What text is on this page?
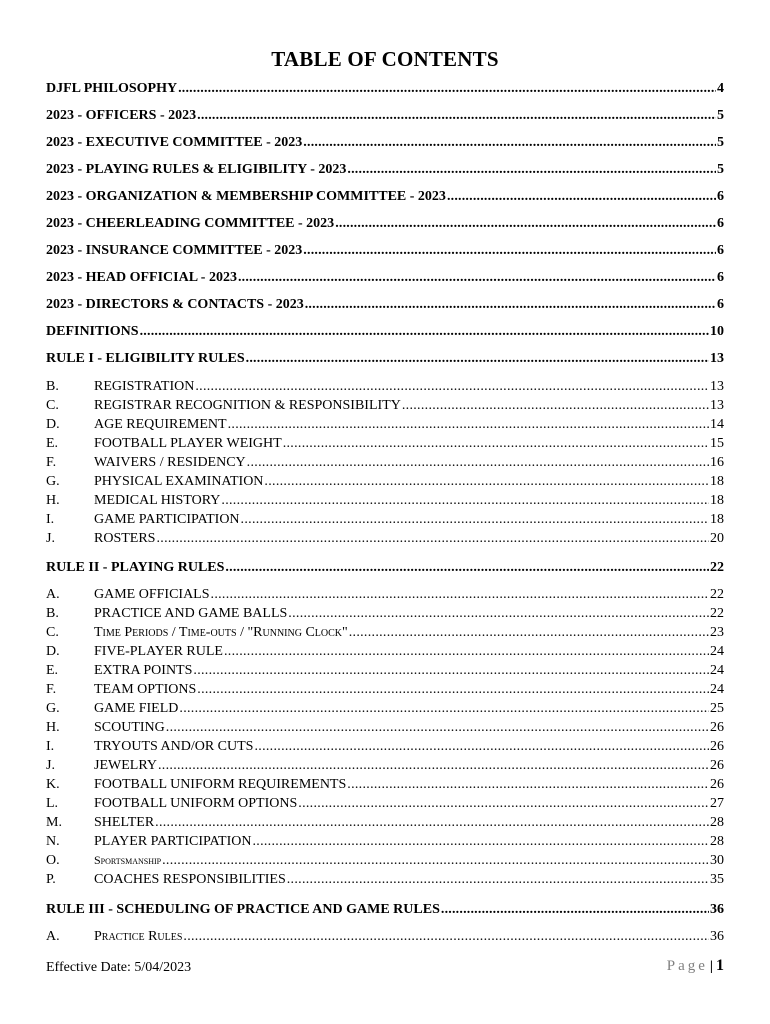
TABLE OF CONTENTS
DJFL PHILOSOPHY .....	4
2023 - OFFICERS - 2023 .....	5
2023 - EXECUTIVE COMMITTEE - 2023 .....	5
2023 - PLAYING RULES & ELIGIBILITY - 2023 .....	5
2023 - ORGANIZATION & MEMBERSHIP COMMITTEE - 2023 .....	6
2023 - CHEERLEADING COMMITTEE - 2023 .....	6
2023 - INSURANCE COMMITTEE - 2023 .....	6
2023 - HEAD OFFICIAL - 2023 .....	6
2023 - DIRECTORS & CONTACTS - 2023 .....	6
DEFINITIONS .....	10
RULE I - ELIGIBILITY RULES .....	13
B.	REGISTRATION .....	13
C.	REGISTRAR RECOGNITION & RESPONSIBILITY .....	13
D.	AGE REQUIREMENT .....	14
E.	FOOTBALL PLAYER WEIGHT .....	15
F.	WAIVERS / RESIDENCY .....	16
G.	PHYSICAL EXAMINATION .....	18
H.	MEDICAL HISTORY .....	18
I.	GAME PARTICIPATION .....	18
J.	ROSTERS .....	20
RULE II - PLAYING RULES .....	22
A.	GAME OFFICIALS .....	22
B.	PRACTICE AND GAME BALLS .....	22
C.	Time Periods / Time-outs / "Running Clock" .....	23
D.	FIVE-PLAYER RULE .....	24
E.	EXTRA POINTS .....	24
F.	TEAM OPTIONS .....	24
G.	GAME FIELD .....	25
H.	SCOUTING .....	26
I.	TRYOUTS AND/OR CUTS .....	26
J.	JEWELRY .....	26
K.	FOOTBALL UNIFORM REQUIREMENTS .....	26
L.	FOOTBALL UNIFORM OPTIONS .....	27
M.	SHELTER .....	28
N.	PLAYER PARTICIPATION .....	28
O.	Sportsmanship .....	30
P.	COACHES RESPONSIBILITIES .....	35
RULE III - SCHEDULING OF PRACTICE AND GAME RULES .....	36
A.	Practice Rules .....	36
Effective Date: 5/04/2023	Page | 1
